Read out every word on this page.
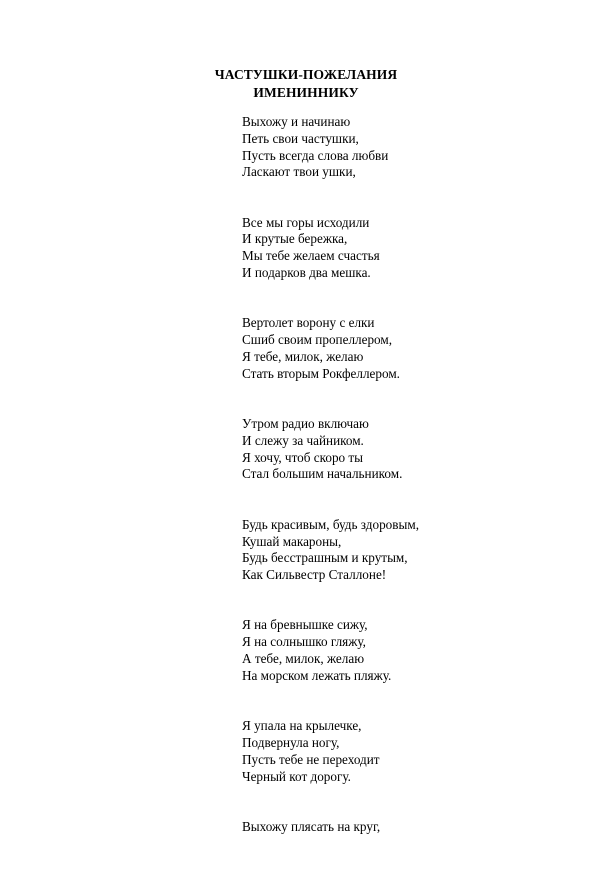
ЧАСТУШКИ-ПОЖЕЛАНИЯ
ИМЕНИННИКУ
Выхожу и начинаю
Петь свои частушки,
Пусть всегда слова любви
Ласкают твои ушки,
Все мы горы исходили
И крутые бережка,
Мы тебе желаем счастья
И подарков два мешка.
Вертолет ворону с елки
Сшиб своим пропеллером,
Я тебе, милок, желаю
Стать вторым Рокфеллером.
Утром радио включаю
И слежу за чайником.
Я хочу, чтоб скоро ты
Стал большим начальником.
Будь красивым, будь здоровым,
Кушай макароны,
Будь бесстрашным и крутым,
Как Сильвестр Сталлоне!
Я на бревнышке сижу,
Я на солнышко гляжу,
А тебе, милок, желаю
На морском лежать пляжу.
Я упала на крылечке,
Подвернула ногу,
Пусть тебе не переходит
Черный кот дорогу.
Выхожу плясать на круг,
